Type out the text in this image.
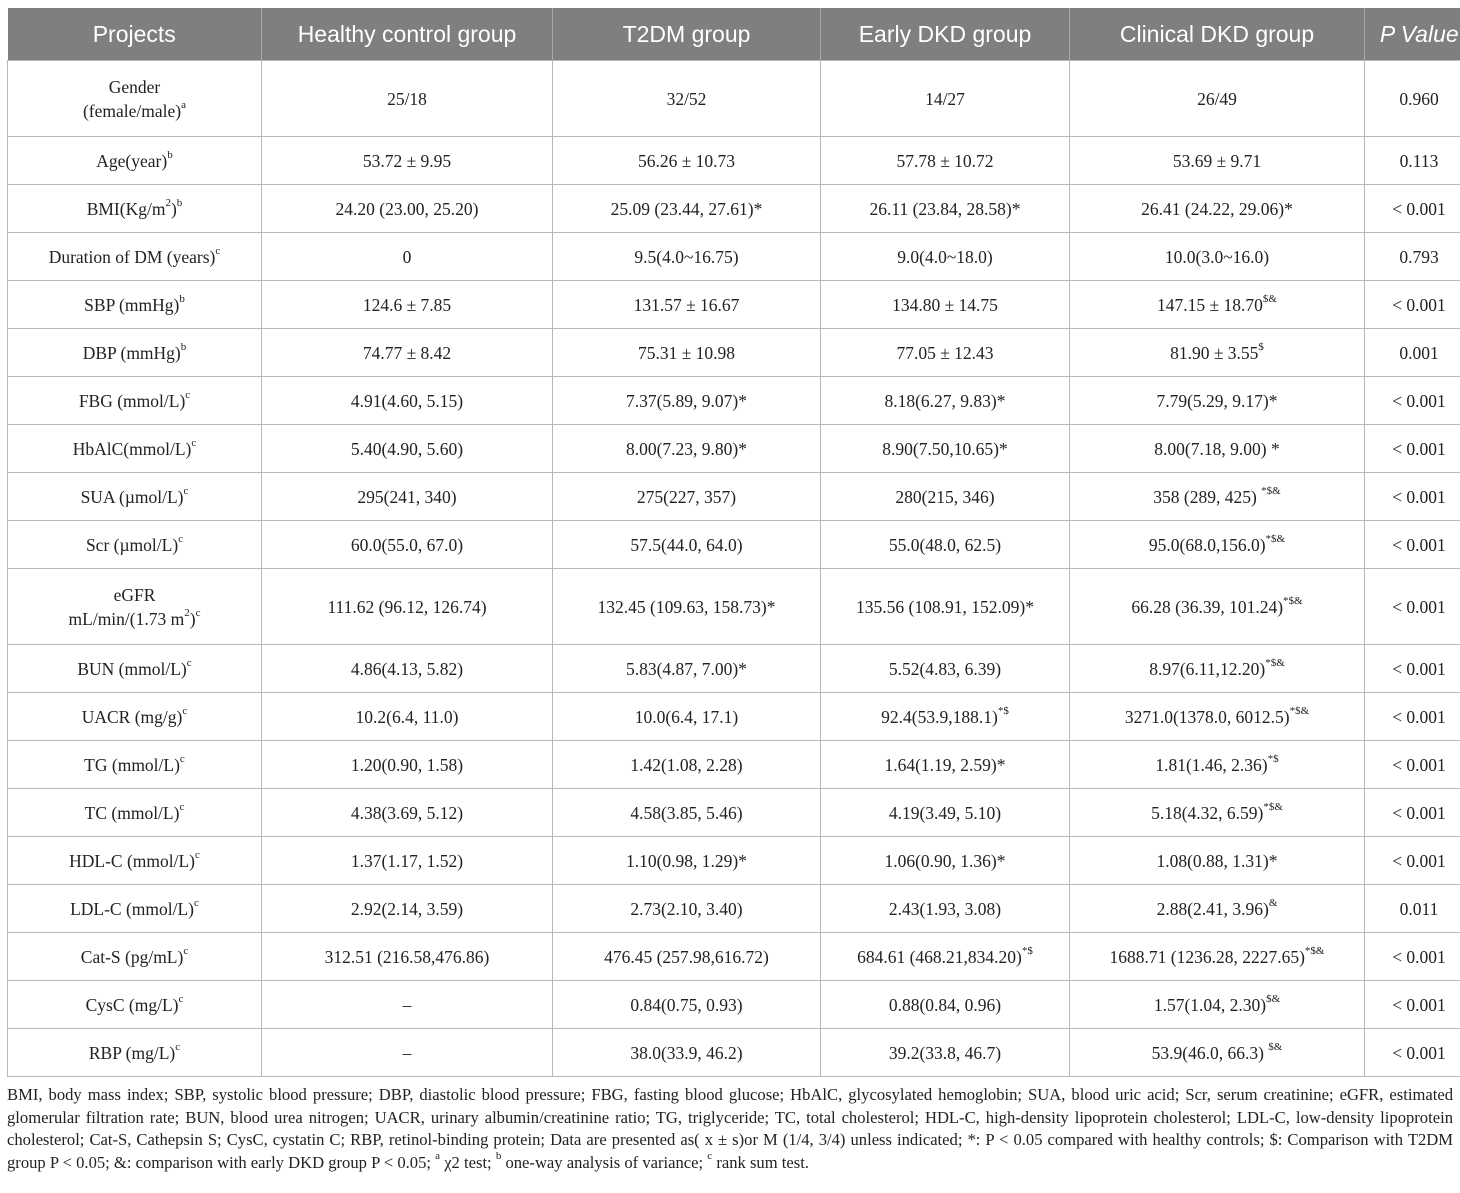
Projects	Healthy control group	T2DM group	Early DKD group	Clinical DKD group	P Value
Gender
(female/male)$^a$	25/18	32/52	14/27	26/49	0.960
Age(year)$^b$	53.72 ± 9.95	56.26 ± 10.73	57.78 ± 10.72	53.69 ± 9.71	0.113
$BMI(Kg/m^2)^b$	24.20 (23.00, 25.20)	25.09 (23.44, 27.61)*	26.11 (23.84, 28.58)*	26.41 (24.22, 29.06)*	< 0.001
Duration of DM (years)$^c$	0	9.5(4.0~16.75)	9.0(4.0~18.0)	10.0(3.0~16.0)	0.793
SBP (mmHg)$^b$	124.6 ± 7.85	131.57 ± 16.67	134.80 ± 14.75	147.15 ± 18.70$&	< 0.001
DBP (mmHg)$^b$	74.77 ± 8.42	75.31 ± 10.98	77.05 ± 12.43	81.90 ± 3.55$	0.001
FBG (mmol/L)$^c$	4.91(4.60, 5.15)	7.37(5.89, 9.07)*	8.18(6.27, 9.83)*	7.79(5.29, 9.17)*	< 0.001
HbAlC(mmol/L)$^c$	5.40(4.90, 5.60)	8.00(7.23, 9.80)*	8.90(7.50,10.65)*	8.00(7.18, 9.00) *	< 0.001
SUA $(\mu mol/L)^c$	295(241, 340)	275(227, 357)	280(215, 346)	358 (289, 425) *$&	< 0.001
Scr $(\mu mol/L)^c$	60.0(55.0, 67.0)	57.5(44.0, 64.0)	55.0(48.0, 62.5)	95.0(68.0,156.0)*$&	< 0.001
eGFR
mL/min/(1.73 $m^2)^c$	111.62 (96.12, 126.74)	132.45 (109.63, 158.73)*	135.56 (108.91, 152.09)*	66.28 (36.39, 101.24)*$&	< 0.001
BUN (mmol/L)$^c$	4.86(4.13, 5.82)	5.83(4.87, 7.00)*	5.52(4.83, 6.39)	8.97(6.11,12.20)*$&	< 0.001
UACR $(mg/g)^c$	10.2(6.4, 11.0)	10.0(6.4, 17.1)	92.4(53.9,188.1)*$	3271.0(1378.0, 6012.5)*$&	< 0.001
TG (mmol/L)$^c$	1.20(0.90, 1.58)	1.42(1.08, 2.28)	1.64(1.19, 2.59)*	1.81(1.46, 2.36)*$	< 0.001
TC (mmol/L)$^c$	4.38(3.69, 5.12)	4.58(3.85, 5.46)	4.19(3.49, 5.10)	5.18(4.32, 6.59)*$&	< 0.001
HDL-C (mmol/L)$^c$	1.37(1.17, 1.52)	1.10(0.98, 1.29)*	1.06(0.90, 1.36)*	1.08(0.88, 1.31)*	< 0.001
LDL-C (mmol/L)$^c$	2.92(2.14, 3.59)	2.73(2.10, 3.40)	2.43(1.93, 3.08)	2.88(2.41, 3.96)&	0.011
Cat-S $(pg/mL)^c$	312.51 (216.58,476.86)	476.45 (257.98,616.72)	684.61 (468.21,834.20)*$	1688.71 (1236.28, 2227.65)*$&	< 0.001
CysC $(mg/L)^c$	–	0.84(0.75, 0.93)	0.88(0.84, 0.96)	1.57(1.04, 2.30)$&	< 0.001
RBP $(mg/L)^c$	–	38.0(33.9, 46.2)	39.2(33.8, 46.7)	53.9(46.0, 66.3) $&	< 0.001
BMI, body mass index; SBP, systolic blood pressure; DBP, diastolic blood pressure; FBG, fasting blood glucose; HbAlC, glycosylated hemoglobin; SUA, blood uric acid; Scr, serum creatinine; eGFR, estimated glomerular filtration rate; BUN, blood urea nitrogen; UACR, urinary albumin/creatinine ratio; TG, triglyceride; TC, total cholesterol; HDL-C, high-density lipoprotein cholesterol; LDL-C, low-density lipoprotein cholesterol; Cat-S, Cathepsin S; CysC, cystatin C; RBP, retinol-binding protein; Data are presented as( x ± s)or M (1/4, 3/4) unless indicated; *: P < 0.05 compared with healthy controls; $: Comparison with T2DM group P < 0.05; &: comparison with early DKD group P < 0.05; $^a$ χ2 test; $^b$ one-way analysis of variance; $^c$ rank sum test.
